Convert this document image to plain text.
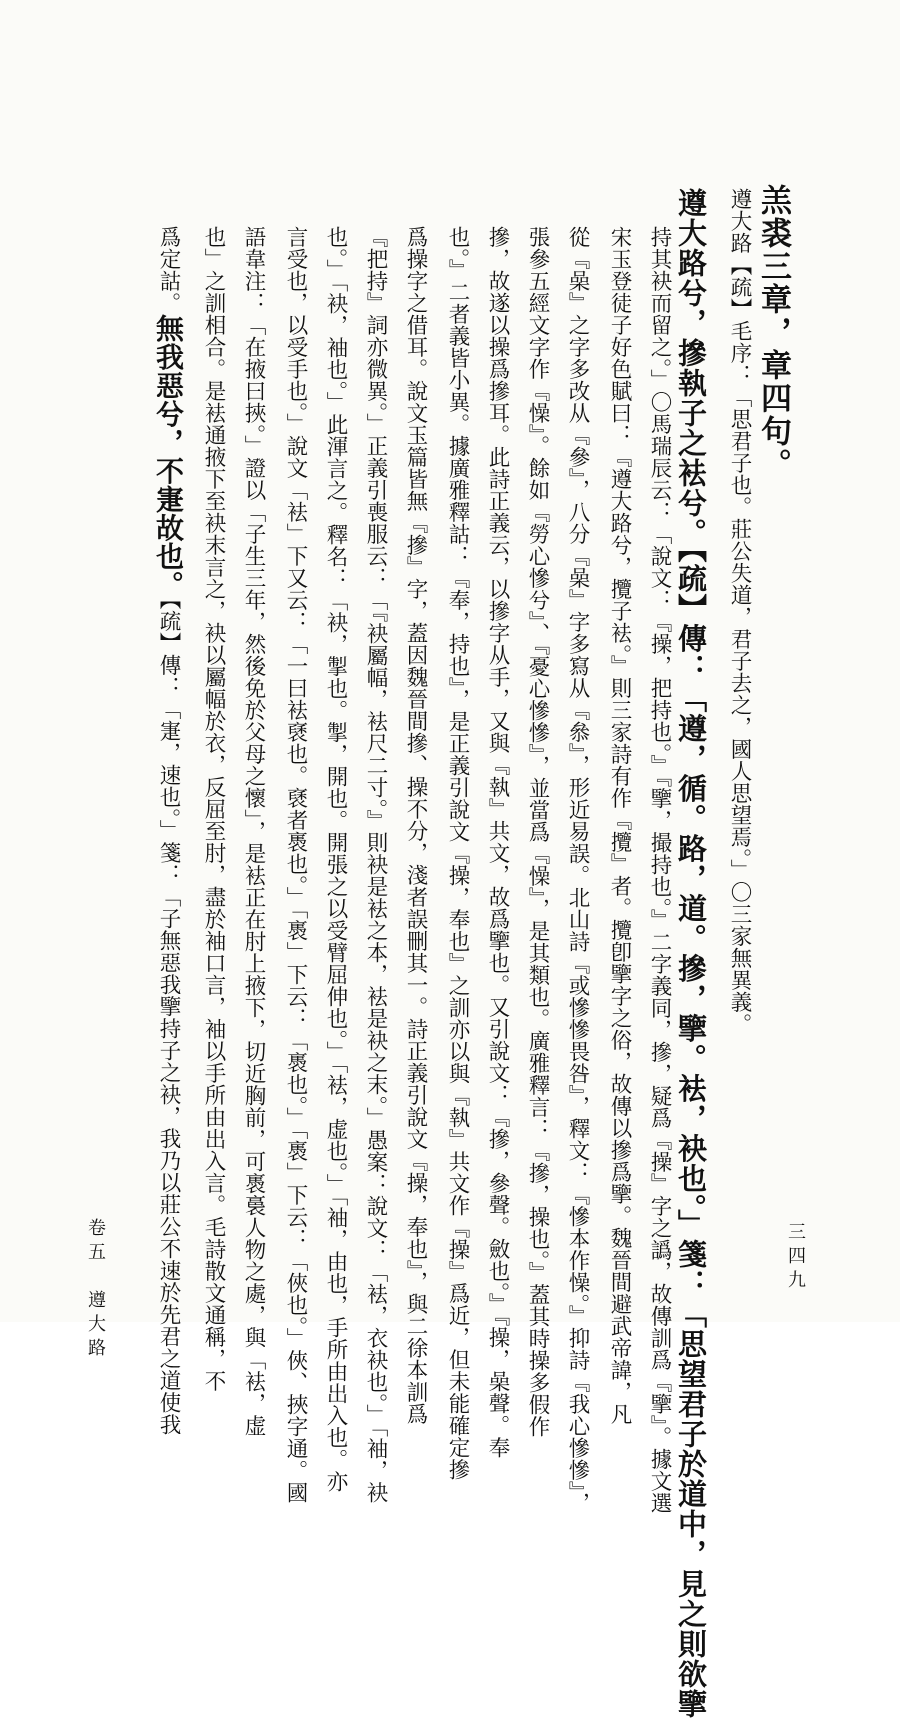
羔裘三章，章四句。
遵大路【疏】毛序：「思君子也。莊公失道，君子去之，國人思望焉。」〇三家無異義。
遵大路兮，摻執子之袪兮。【疏】傳：「遵，循。路，道。摻，擥。袪，袂也。」箋：「思望君子於道中，見之則欲擥
持其袂而留之。」〇馬瑞辰云：「說文：『操，把持也。』『擥，撮持也。』二字義同，摻，疑爲『操』字之譌，故傳訓爲『擥』。據文選
宋玉登徒子好色賦曰：『遵大路兮，攬子袪。』則三家詩有作『攬』者。攬卽擥字之俗，故傳以摻爲擥。魏晉間避武帝諱，凡
從『喿』之字多改从『參』，八分『喿』字多寫从『叅』，形近易誤。北山詩『或慘慘畏咎』，釋文：『慘本作懆。』抑詩『我心慘慘』，
張參五經文字作『懆』。餘如『勞心慘兮』、『憂心慘慘』，並當爲『懆』，是其類也。廣雅釋言：『摻，操也。』蓋其時操多假作
摻，故遂以操爲摻耳。此詩正義云，以摻字从手，又與『執』共文，故爲擥也。又引說文：『摻，參聲。斂也。』『操，喿聲。奉
也。』二者義皆小異。據廣雅釋詁：『奉，持也』，是正義引說文『操，奉也』之訓亦以與『執』共文作『操』爲近，但未能確定摻
爲操字之借耳。說文玉篇皆無『摻』字，蓋因魏晉間摻、操不分，淺者誤刪其一。詩正義引說文『操，奉也』，與二徐本訓爲
『把持』詞亦微異。」正義引喪服云：「『袂屬幅，袪尺二寸。』則袂是袪之本，袪是袂之末。」愚案：說文：「袪，衣袂也。」「袖，袂
也。」「袂，袖也。」此渾言之。釋名：「袂，掣也。掣，開也。開張之以受臂屈伸也。」「袪，虚也。」「袖，由也，手所由出入也。亦
言受也，以受手也。」說文「袪」下又云：「一曰袪褎也。褎者褭也。」「褭」下云：「褭也。」「褭」下云：「俠也。」俠、挾字通。國
語韋注：「在掖曰挾。」證以「子生三年，然後免於父母之懷」，是袪正在肘上掖下，切近胸前，可褭裛人物之處，與「袪，虚
也」之訓相合。是袪通掖下至袂末言之，袂以屬幅於衣，反屈至肘，盡於袖口言，袖以手所由出入言。毛詩散文通稱，不
爲定詁。無我惡兮，不寁故也。【疏】傳：「寁，速也。」箋：「子無惡我擥持子之袂，我乃以莊公不速於先君之道使我
卷五　遵大路	三四九
